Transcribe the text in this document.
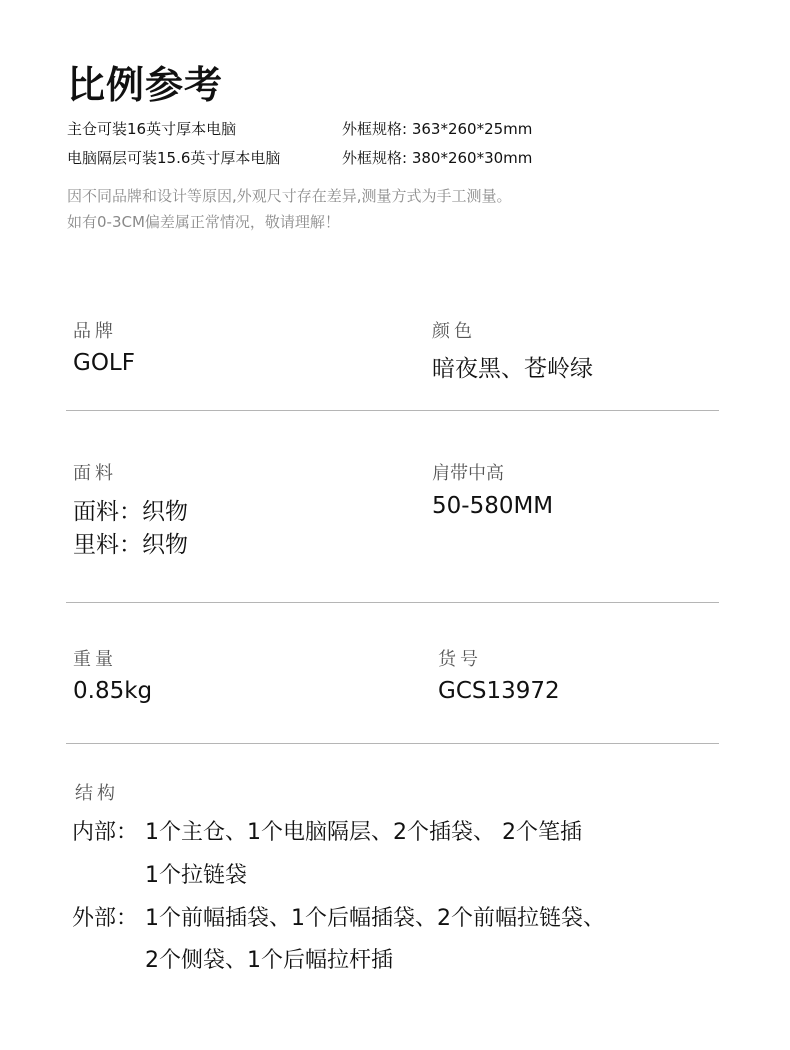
比例参考
主仓可装16英寸厚本电脑	外框规格: 363*260*25mm
电脑隔层可装15.6英寸厚本电脑	外框规格: 380*260*30mm
因不同品牌和设计等原因,外观尺寸存在差异,测量方式为手工测量。
如有0-3CM偏差属正常情况，敬请理解！
品牌
GOLF
颜色
暗夜黑、苍岭绿
面料
面料：织物
里料：织物
肩带中高
50-580MM
重量
0.85kg
货号
GCS13972
结构
内部： 1个主仓、1个电脑隔层、2个插袋、 2个笔插
1个拉链袋
外部： 1个前幅插袋、1个后幅插袋、2个前幅拉链袋、
2个侧袋、1个后幅拉杆插
